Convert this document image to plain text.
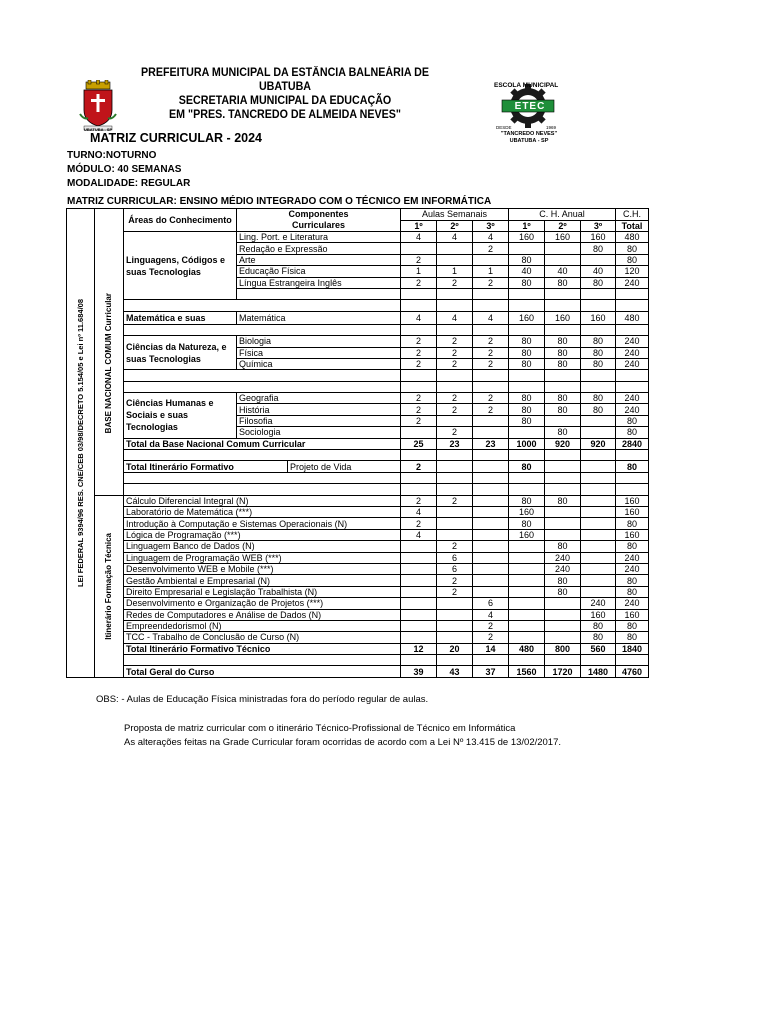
PREFEITURA MUNICIPAL DA ESTÂNCIA BALNEÁRIA DE UBATUBA
SECRETARIA MUNICIPAL DA EDUCAÇÃO
EM "PRES. TANCREDO DE ALMEIDA NEVES"
UBATUBA - SP
ESCOLA MUNICIPAL
ETEC
DESDE	1969
"TANCREDO NEVES"
UBATUBA - SP
MATRIZ CURRICULAR - 2024
TURNO:NOTURNO
MÓDULO: 40 SEMANAS
MODALIDADE: REGULAR
MATRIZ CURRICULAR: ENSINO MÉDIO INTEGRADO COM O TÉCNICO EM INFORMÁTICA
LEI FEDERAL 9394/96 RES. CNE/CEB 03/98/DECRETO 5.154/05 e Lei nº 11.684/08		Áreas do Conhecimento	Componentes Curriculares		Aulas Semanais			C. H. Anual			C.H.
					1º	2º	3º	1º	2º	3º	Total

	BASE NACIONAL COMUM Curricular	Linguagens, Códigos e suas Tecnologias	Ling. Port. e Literatura		4	4	4	160	160	160	480
			Redação e Expressão				2			80	80
			Arte		2			80			80
			Educação Física		1	1	1	40	40	40	120
			Língua Estrangeira Inglês		2	2	2	80	80	80	240

		Matemática e suas	Matemática		4	4	4	160	160	160	480

		Ciências da Natureza, e suas Tecnologias	Biologia		2	2	2	80	80	80	240
			Física		2	2	2	80	80	80	240
			Química		2	2	2	80	80	80	240

		Ciências Humanas e Sociais e suas Tecnologias	Geografia		2	2	2	80	80	80	240
			História		2	2	2	80	80	80	240
			Filosofia		2			80			80
			Sociologia			2			80		80
		Total da Base Nacional Comum Curricular			25	23	23	1000	920	920	2840

		Total Itinerário Formativo		Projeto de Vida	2			80			80

	Itinerário Formação Técnica	Cálculo Diferencial Integral (N)			2	2		80	80		160
		Laboratório de Matemática (***)			4			160			160
		Introdução à Computação e Sistemas Operacionais (N)			2			80			80
		Lógica de Programação (***)			4			160			160
		Linguagem Banco de Dados (N)				2			80		80
		Linguagem de Programação WEB (***)				6			240		240
		Desenvolvimento WEB e Mobile (***)				6			240		240
		Gestão Ambiental e Empresarial (N)				2			80		80
		Direito Empresarial e Legislação Trabalhista (N)				2			80		80
		Desenvolvimento e Organização de Projetos (***)					6			240	240
		Redes de Computadores e Análise de Dados (N)					4			160	160
		Empreendedorismol (N)					2			80	80
		TCC - Trabalho de Conclusão de Curso (N)					2			80	80
		Total Itinerário Formativo Técnico			12	20	14	480	800	560	1840

		Total Geral do Curso			39	43	37	1560	1720	1480	4760
OBS: - Aulas de Educação Física ministradas fora do período regular de aulas.
Proposta de matriz curricular com o itinerário Técnico-Profissional de Técnico em Informática
As alterações feitas na Grade Curricular foram ocorridas de acordo com a Lei Nº 13.415 de 13/02/2017.
